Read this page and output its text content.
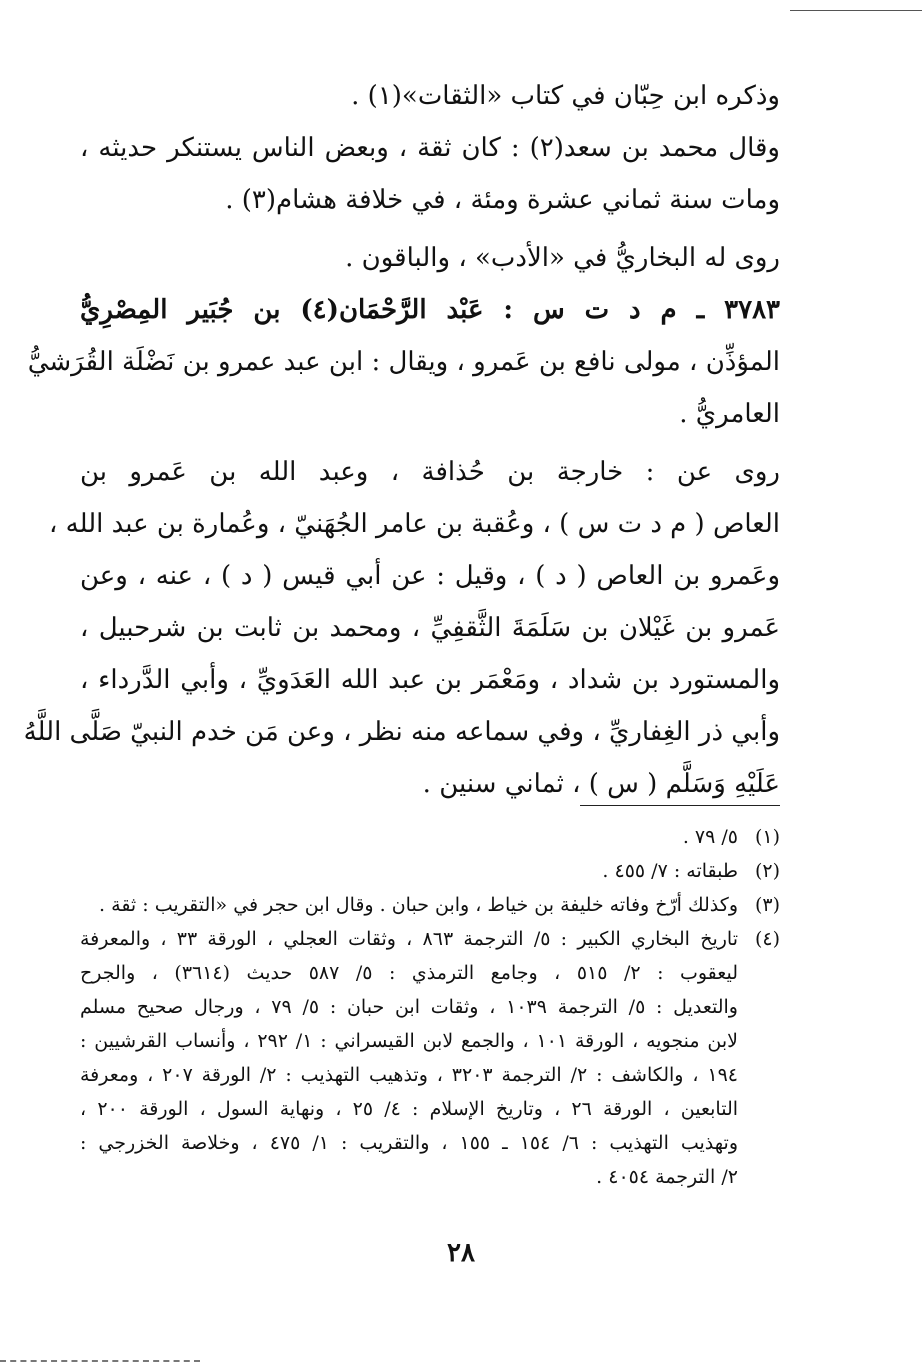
وذكره ابن حِبّان في كتاب «الثقات»(١) .
وقال محمد بن سعد(٢) : كان ثقة ، وبعض الناس يستنكر حديثه ،
ومات سنة ثماني عشرة ومئة ، في خلافة هشام(٣) .
روى له البخاريُّ في «الأدب» ، والباقون .
٣٧٨٣ ـ م د ت س : عَبْد الرَّحْمَان(٤) بن جُبَير المِصْرِيُّ
المؤذِّن ، مولى نافع بن عَمرو ، ويقال : ابن عبد عمرو بن نَضْلَة القُرَشيُّ
العامريُّ .
روى عن : خارجة بن حُذافة ، وعبد الله بن عَمرو بن
العاص ( م د ت س ) ، وعُقبة بن عامر الجُهَنيّ ، وعُمارة بن عبد الله ،
وعَمرو بن العاص ( د ) ، وقيل : عن أبي قيس ( د ) ، عنه ، وعن
عَمرو بن غَيْلان بن سَلَمَةَ الثَّقفِيِّ ، ومحمد بن ثابت بن شرحبيل ،
والمستورد بن شداد ، ومَعْمَر بن عبد الله العَدَويِّ ، وأبي الدَّرداء ،
وأبي ذر الغِفاريِّ ، وفي سماعه منه نظر ، وعن مَن خدم النبيّ صَلَّى اللَّهُ
عَلَيْهِ وَسَلَّم ( س ) ، ثماني سنين .
(١)
٥/ ٧٩ .
(٢)
طبقاته : ٧/ ٤٥٥ .
(٣)
وكذلك أرّخ وفاته خليفة بن خياط ، وابن حبان . وقال ابن حجر في «التقريب : ثقة .
(٤)
تاريخ البخاري الكبير : ٥/ الترجمة ٨٦٣ ، وثقات العجلي ، الورقة ٣٣ ، والمعرفة
ليعقوب : ٢/ ٥١٥ ، وجامع الترمذي : ٥/ ٥٨٧ حديث (٣٦١٤) ، والجرح
والتعديل : ٥/ الترجمة ١٠٣٩ ، وثقات ابن حبان : ٥/ ٧٩ ، ورجال صحيح مسلم
لابن منجويه ، الورقة ١٠١ ، والجمع لابن القيسراني : ١/ ٢٩٢ ، وأنساب القرشيين :
١٩٤ ، والكاشف : ٢/ الترجمة ٣٢٠٣ ، وتذهيب التهذيب : ٢/ الورقة ٢٠٧ ، ومعرفة
التابعين ، الورقة ٢٦ ، وتاريخ الإسلام : ٤/ ٢٥ ، ونهاية السول ، الورقة ٢٠٠ ،
وتهذيب التهذيب : ٦/ ١٥٤ ـ ١٥٥ ، والتقريب : ١/ ٤٧٥ ، وخلاصة الخزرجي :
٢/ الترجمة ٤٠٥٤ .
٢٨
